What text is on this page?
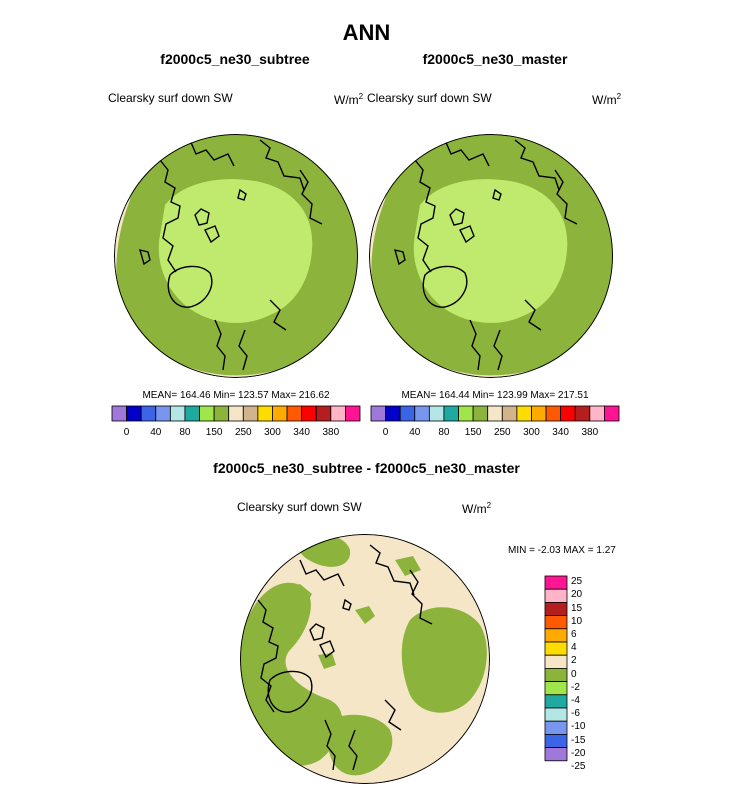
ANN
f2000c5_ne30_subtree
Clearsky surf down SW	$W/m^2$
f2000c5_ne30_master
Clearsky surf down SW	$W/m^2$
MEAN= 164.46 Min= 123.57 Max= 216.62	MEAN= 164.44 Min= 123.99 Max= 217.51
0	40	80	150	250	300	340	380	0	40	80	150	250	300	340	380
f2000c5_ne30_subtree - f2000c5_ne30_master
Clearsky surf down SW	$W/m^2$
MIN = -2.03 MAX = 1.27
25
20
15
10
6
4
2
0
-2
-4
-6
-10
-15
-20
-25
